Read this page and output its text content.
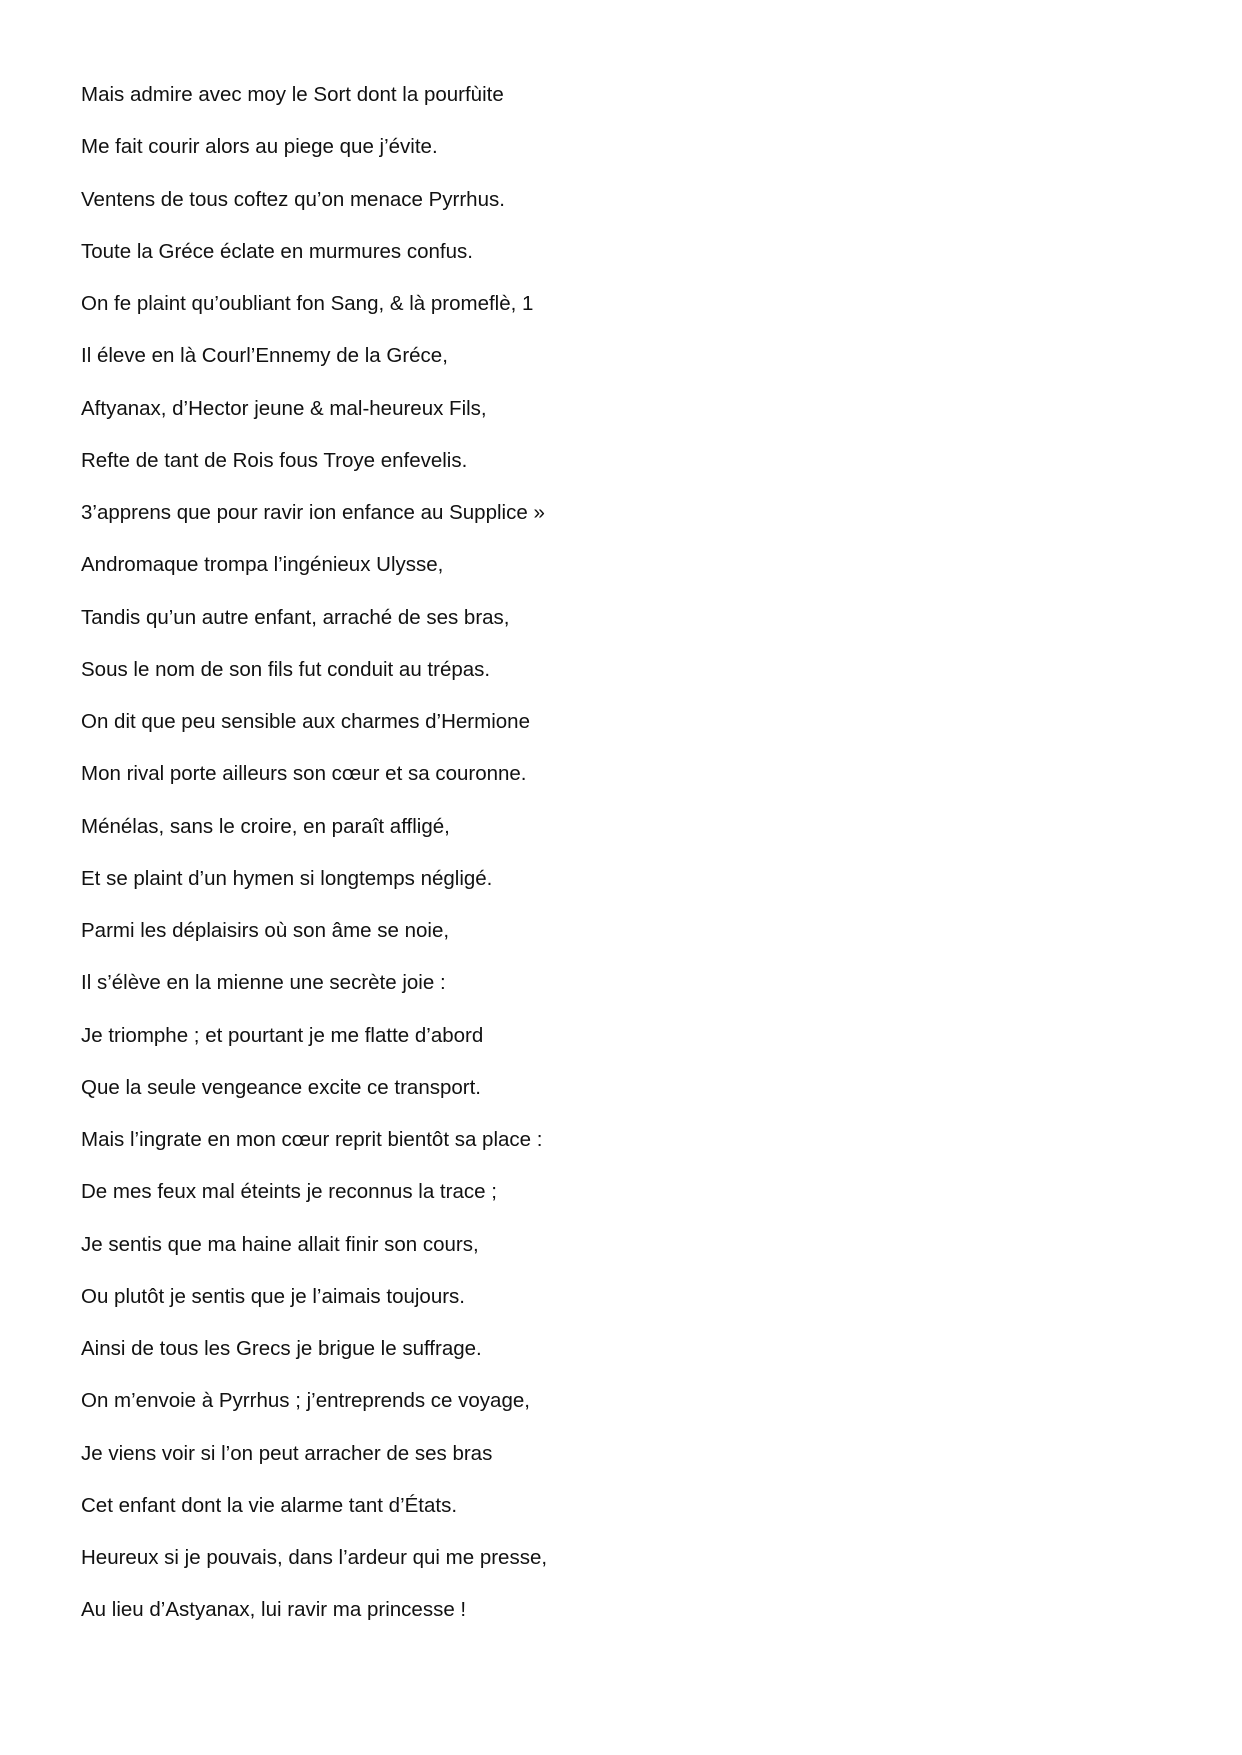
Mais admire avec moy le Sort dont la pourfùite
Me fait courir alors au piege que j’évite.
Ventens de tous coftez qu’on menace Pyrrhus.
Toute la Gréce éclate en murmures confus.
On fe plaint qu’oubliant fon Sang, & là promeflè, 1
Il éleve en là Courl’Ennemy de la Gréce,
Aftyanax, d’Hector jeune & mal-heureux Fils,
Refte de tant de Rois fous Troye enfevelis.
3’apprens que pour ravir ion enfance au Supplice »
Andromaque trompa l’ingénieux Ulysse,
Tandis qu’un autre enfant, arraché de ses bras,
Sous le nom de son fils fut conduit au trépas.
On dit que peu sensible aux charmes d’Hermione
Mon rival porte ailleurs son cœur et sa couronne.
Ménélas, sans le croire, en paraît affligé,
Et se plaint d’un hymen si longtemps négligé.
Parmi les déplaisirs où son âme se noie,
Il s’élève en la mienne une secrète joie :
Je triomphe ; et pourtant je me flatte d’abord
Que la seule vengeance excite ce transport.
Mais l’ingrate en mon cœur reprit bientôt sa place :
De mes feux mal éteints je reconnus la trace ;
Je sentis que ma haine allait finir son cours,
Ou plutôt je sentis que je l’aimais toujours.
Ainsi de tous les Grecs je brigue le suffrage.
On m’envoie à Pyrrhus ; j’entreprends ce voyage,
Je viens voir si l’on peut arracher de ses bras
Cet enfant dont la vie alarme tant d’États.
Heureux si je pouvais, dans l’ardeur qui me presse,
Au lieu d’Astyanax, lui ravir ma princesse !
